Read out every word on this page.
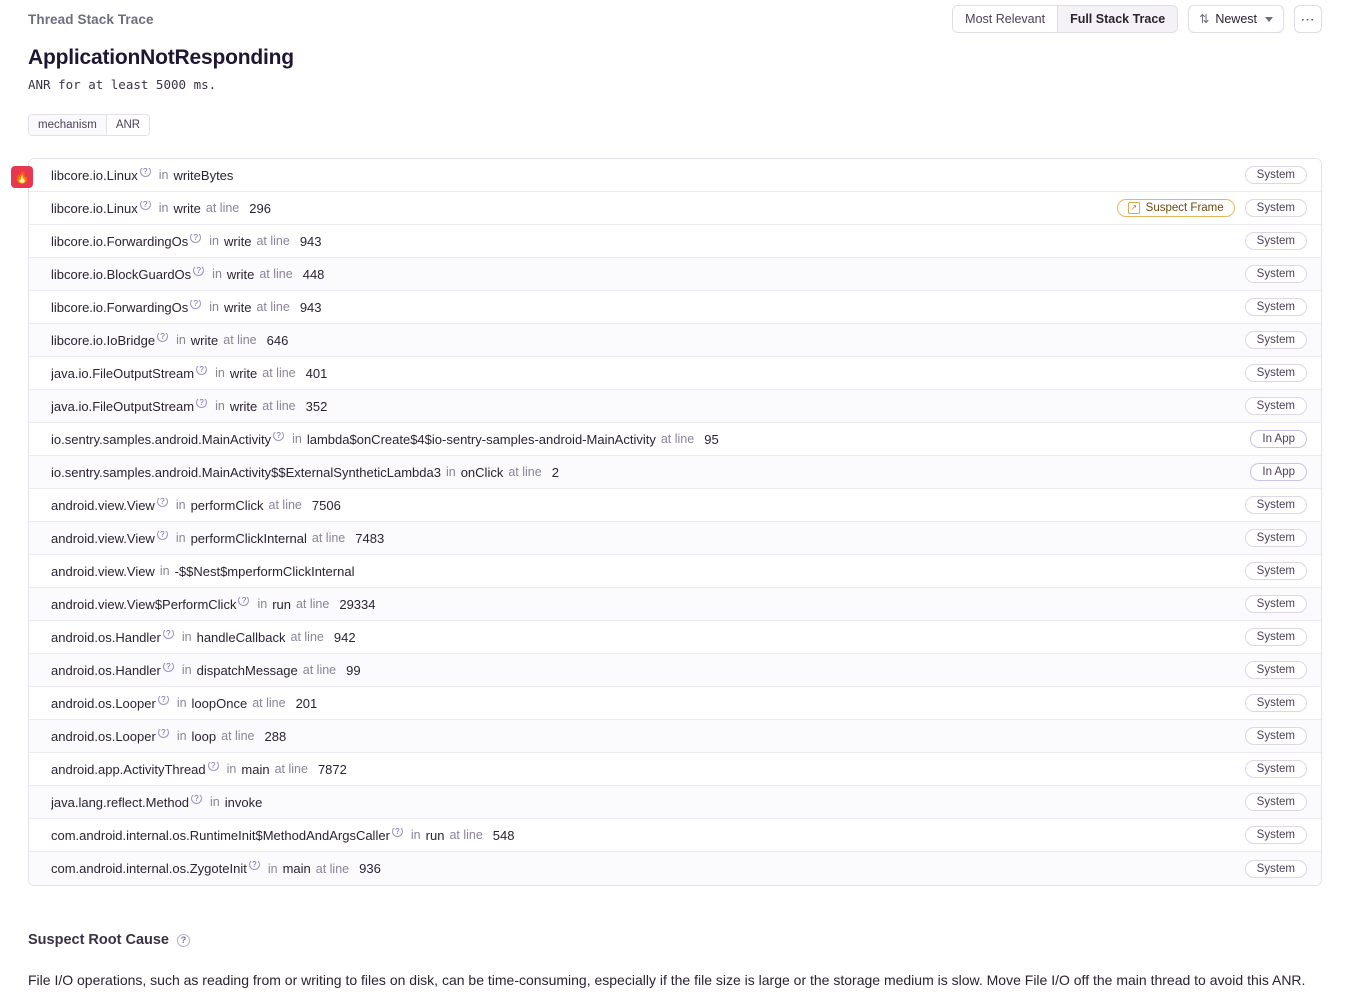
Thread Stack Trace	Most Relevant	Full Stack Trace	⇅ Newest	⋯
ApplicationNotResponding
ANR for at least 5000 ms.
mechanism	ANR
🔥 libcore.io.Linux ? in writeBytes	System
libcore.io.Linux ? in write at line 296	↗ Suspect Frame	System
libcore.io.ForwardingOs ? in write at line 943	System
libcore.io.BlockGuardOs ? in write at line 448	System
libcore.io.ForwardingOs ? in write at line 943	System
libcore.io.IoBridge ? in write at line 646	System
java.io.FileOutputStream ? in write at line 401	System
java.io.FileOutputStream ? in write at line 352	System
io.sentry.samples.android.MainActivity ? in lambda$onCreate$4$io-sentry-samples-android-MainActivity at line 95	In App
io.sentry.samples.android.MainActivity$$ExternalSyntheticLambda3 in onClick at line 2	In App
android.view.View ? in performClick at line 7506	System
android.view.View ? in performClickInternal at line 7483	System
android.view.View in -$$Nest$mperformClickInternal	System
android.view.View$PerformClick ? in run at line 29334	System
android.os.Handler ? in handleCallback at line 942	System
android.os.Handler ? in dispatchMessage at line 99	System
android.os.Looper ? in loopOnce at line 201	System
android.os.Looper ? in loop at line 288	System
android.app.ActivityThread ? in main at line 7872	System
java.lang.reflect.Method ? in invoke	System
com.android.internal.os.RuntimeInit$MethodAndArgsCaller ? in run at line 548	System
com.android.internal.os.ZygoteInit ? in main at line 936	System
Suspect Root Cause	?
File I/O operations, such as reading from or writing to files on disk, can be time-consuming, especially if the file size is large or the storage medium is slow. Move File I/O off the main thread to avoid this ANR.
